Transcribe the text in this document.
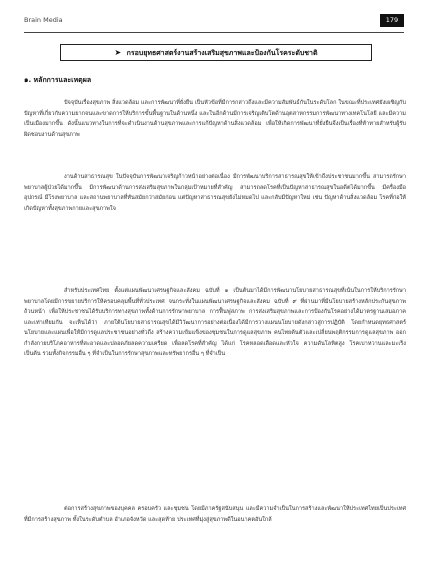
Brain Media	179
➤ กรอบยุทธศาสตร์งานสร้างเสริมสุขภาพและป้องกันโรคระดับชาติ
๑. หลักการและเหตุผล

ปัจจุบันเรื่องสุขภาพ สิ่งแวดล้อม และการพัฒนาที่ยั่งยืน เป็นหัวข้อที่มีการกล่าวถึงและมีความสัมพันธ์กันในระดับโลก ในขณะที่ประเทศยังเผชิญกับปัญหาที่เกี่ยวกับความยากจนและขาดการให้บริการขั้นพื้นฐานในด้านหนึ่ง และในอีกด้านมีการเจริญเติบโตด้านอุตสาหกรรมการพัฒนาทางเทคโนโลยี และมีความเป็นเมืองมากขึ้น ดังนั้นแนวทางในการที่จะดำเนินงานด้านสุขภาพและการแก้ปัญหาด้านสิ่งแวดล้อม เพื่อให้เกิดการพัฒนาที่ยั่งยืนจึงเป็นเรื่องที่ท้าทายสำหรับผู้รับผิดชอบงานด้านสุขภาพ

งานด้านสาธารณสุข ในปัจจุบันการพัฒนาเจริญก้าวหน้าอย่างต่อเนื่อง มีการพัฒนาบริการสาธารณสุขให้เข้าถึงประชาชนมากขึ้น สามารถรักษาพยาบาลผู้ป่วยได้มากขึ้น มีการพัฒนาด้านการส่งเสริมสุขภาพในกลุ่มเป้าหมายที่สำคัญ สามารถลดโรคที่เป็นปัญหาสาธารณสุขในอดีตได้มากขึ้น มีครื่องมืออุปกรณ์ มีโรงพยาบาล และสถานพยาบาลที่ทันสมัยกว่าสมัยก่อน แต่ปัญหาสาธารณสุขยังไม่หมดไป และกลับมีปัญหาใหม่ เช่น ปัญหาด้านสิ่งแวดล้อม โรคที่ก่อให้เกิดปัญหาทั้งสุขภาพกายและสุขภาพใจ

สำหรับประเทศไทย ตั้งแต่แผนพัฒนาเศรษฐกิจและสังคม ฉบับที่ ๑ เป็นต้นมาได้มีการพัฒนานโยบายสาธารณสุขที่เน้นในการให้บริการรักษาพยาบาลโดยมีการขยายบริการให้ครอบคลุมพื้นที่ทั่วประเทศ จนกระทั่งในแผนพัฒนาเศรษฐกิจและสังคม ฉบับที่ ๙ ที่ผ่านมาที่มีนโยบายสร้างหลักประกันสุขภาพถ้วนหน้า เพื่อให้ประชาชนได้รับบริการทางสุขภาพทั้งด้านการรักษาพยาบาล การฟื้นฟูสภาพ การส่งเสริมสุขภาพและการป้องกันโรคอย่างได้มาตรฐานเสมอภาค และเท่าเทียมกัน จะเห็นได้ว่า ภายใต้นโยบายสาธารณสุขได้มีวิวัฒนาการอย่างต่อเนื่องได้มีการวางแผนนโยบายดังกล่าวสู่การปฏิบัติ โดยกำหนดยุทธศาสตร์ นโยบายและแผนเพื่อให้มีการดูแลประชาชนอย่างทั่วถึง สร้างความเข้มแข็งของชุมชนในการดูแลสุขภาพ คนไทยต้นตัวและเปลี่ยนพฤติกรรมการดูแลสุขภาพ ออกกำลังกายบริโภคอาหารที่สะอาดและปลอดภัยลดความเครียด เพื่อลดโรคที่สำคัญ ได้แก่ โรคหลอดเลือดและหัวใจ ความดันโลหิตสูง โรคเบาหวานและมะเร็ง เป็นต้น รวมทั้งกิจกรรมอื่น ๆ ที่จำเป็นในการรักษาสุขภาพและทรัพยากรอื่น ๆ ที่จำเป็น

ต่อการสร้างสุขภาพของบุคคล ครอบครัว และชุมชน โดยมีภาครัฐสนับสนุน และมีความจำเป็นในการสร้างและพัฒนาให้ประเทศไทยเป็นประเทศที่มีการสร้างสุขภาพ ทั้งในระดับตำบล อำเภอจังหวัด และสุดท้าย ประเทศที่มุ่งสู่สุขภาพดีในอนาคตอันใกล้
